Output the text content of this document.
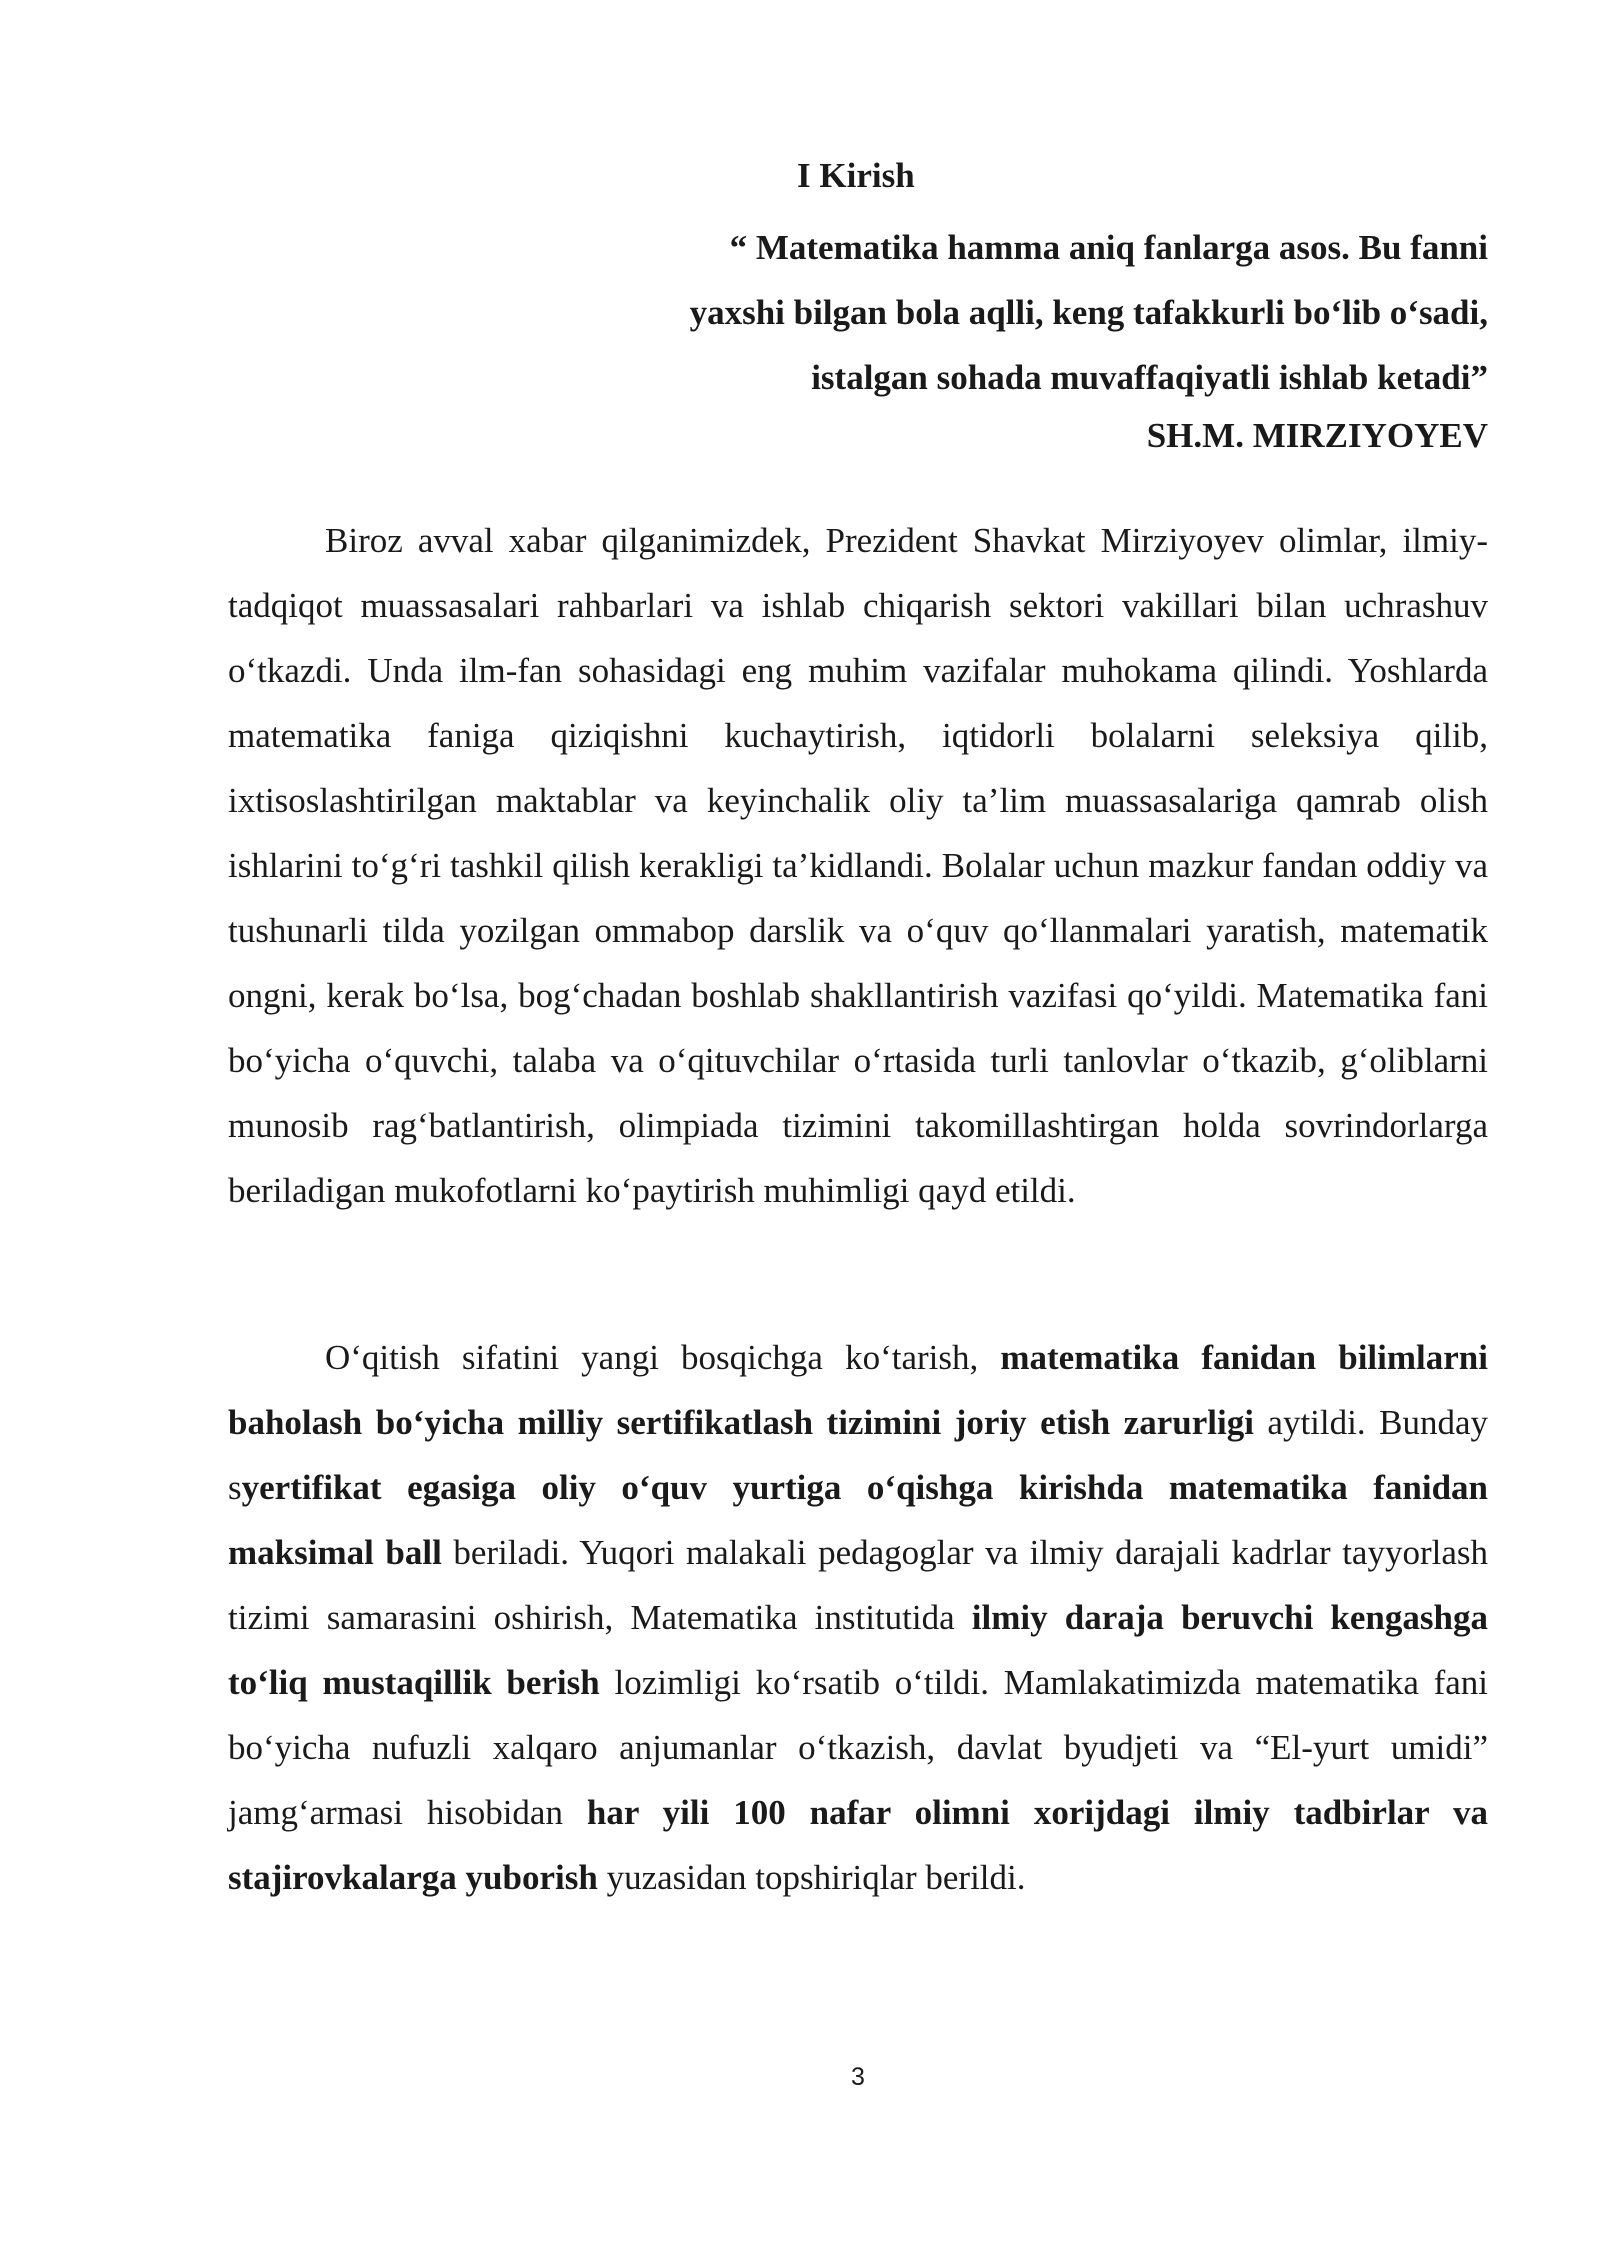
I Kirish
“ Matematika hamma aniq fanlarga asos. Bu fanni
yaxshi bilgan bola aqlli, keng tafakkurli bo‘lib o‘sadi,
istalgan sohada muvaffaqiyatli ishlab ketadi”
SH.M. MIRZIYOYEV

Biroz avval xabar qilganimizdek, Prezident Shavkat Mirziyoyev olimlar, ilmiy-tadqiqot muassasalari rahbarlari va ishlab chiqarish sektori vakillari bilan uchrashuv o‘tkazdi. Unda ilm-fan sohasidagi eng muhim vazifalar muhokama qilindi. Yoshlarda matematika faniga qiziqishni kuchaytirish, iqtidorli bolalarni seleksiya qilib, ixtisoslashtirilgan maktablar va keyinchalik oliy ta’lim muassasalariga qamrab olish ishlarini to‘g‘ri tashkil qilish kerakligi ta’kidlandi. Bolalar uchun mazkur fandan oddiy va tushunarli tilda yozilgan ommabop darslik va o‘quv qo‘llanmalari yaratish, matematik ongni, kerak bo‘lsa, bog‘chadan boshlab shakllantirish vazifasi qo‘yildi. Matematika fani bo‘yicha o‘quvchi, talaba va o‘qituvchilar o‘rtasida turli tanlovlar o‘tkazib, g‘oliblarni munosib rag‘batlantirish, olimpiada tizimini takomillashtirgan holda sovrindorlarga beriladigan mukofotlarni ko‘paytirish muhimligi qayd etildi.

O‘qitish sifatini yangi bosqichga ko‘tarish, matematika fanidan bilimlarni baholash bo‘yicha milliy sertifikatlash tizimini joriy etish zarurligi aytildi. Bunday syertifikat egasiga oliy o‘quv yurtiga o‘qishga kirishda matematika fanidan maksimal ball beriladi. Yuqori malakali pedagoglar va ilmiy darajali kadrlar tayyorlash tizimi samarasini oshirish, Matematika institutida ilmiy daraja beruvchi kengashga to‘liq mustaqillik berish lozimligi ko‘rsatib o‘tildi. Mamlakatimizda matematika fani bo‘yicha nufuzli xalqaro anjumanlar o‘tkazish, davlat byudjeti va “El-yurt umidi” jamg‘armasi hisobidan har yili 100 nafar olimni xorijdagi ilmiy tadbirlar va stajirovkalarga yuborish yuzasidan topshiriqlar berildi.

3
